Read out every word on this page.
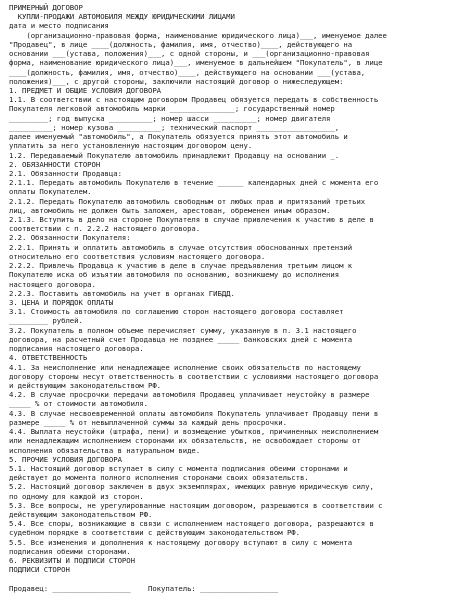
ПРИМЕРНЫЙ ДОГОВОР
КУПЛИ-ПРОДАЖИ АВТОМОБИЛЯ МЕЖДУ ЮРИДИЧЕСКИМИ ЛИЦАМИ
дата и место подписания
(организационно-правовая форма, наименование юридического лица)___, именуемое далее
"Продавец", в лице ____(должность, фамилия, имя, отчество)____, действующего на
основании ___(устава, положения)___, с одной стороны, и ___(организационно-правовая
форма, наименование юридического лица)___, именуемое в дальнейшем "Покупатель", в лице
____(должность, фамилия, имя, отчество)____, действующего на основании ___(устава,
положения)___, с другой стороны, заключили настоящий договор о нижеследующем:
1. ПРЕДМЕТ И ОБЩИЕ УСЛОВИЯ ДОГОВОРА
1.1. В соответствии с настоящим договором Продавец обязуется передать в собственность
Покупателя легковой автомобиль марки _______________; государственный номер
_________; год выпуска __________; номер шасси __________; номер двигателя
__________; номер кузова __________; технический паспорт __________________,
далее именуемый "автомобиль", а Покупатель обязуется принять этот автомобиль и
уплатить за него установленную настоящим договором цену.
1.2. Передаваемый Покупателю автомобиль принадлежит Продавцу на основании _.
2. ОБЯЗАННОСТИ СТОРОН
2.1. Обязанности Продавца:
2.1.1. Передать автомобиль Покупателю в течение ______ календарных дней с момента его
оплаты Покупателем.
2.1.2. Передать Покупателю автомобиль свободным от любых прав и притязаний третьих
лиц, автомобиль не должен быть заложен, арестован, обременен иным образом.
2.1.3. Вступить в дело на стороне Покупателя в случае привлечения к участию в деле в
соответствии с п. 2.2.2 настоящего договора.
2.2. Обязанности Покупателя:
2.2.1. Принять и оплатить автомобиль в случае отсутствия обоснованных претензий
относительно его соответствия условиям настоящего договора.
2.2.2. Привлечь Продавца к участию в деле в случае предъявления третьим лицом к
Покупателю иска об изъятии автомобиля по основанию, возникшему до исполнения
настоящего договора.
2.2.3. Поставить автомобиль на учет в органах ГИБДД.
3. ЦЕНА И ПОРЯДОК ОПЛАТЫ
3.1. Стоимость автомобиля по соглашению сторон настоящего договора составляет
_________ рублей.
3.2. Покупатель в полном объеме перечисляет сумму, указанную в п. 3.1 настоящего
договора, на расчетный счет Продавца не позднее _____ банковских дней с момента
подписания настоящего договора.
4. ОТВЕТСТВЕННОСТЬ
4.1. За неисполнение или ненадлежащее исполнение своих обязательств по настоящему
договору стороны несут ответственность в соответствии с условиями настоящего договора
и действующим законодательством РФ.
4.2. В случае просрочки передачи автомобиля Продавец уплачивает неустойку в размере
_____ % от стоимости автомобиля.
4.3. В случае несвоевременной оплаты автомобиля Покупатель уплачивает Продавцу пени в
размере _____ % от невыплаченной суммы за каждый день просрочки.
4.4. Выплата неустойки (штрафа, пени) и возмещение убытков, причиненных неисполнением
или ненадлежащим исполнением сторонами их обязательств, не освобождает стороны от
исполнения обязательства в натуральном виде.
5. ПРОЧИЕ УСЛОВИЯ ДОГОВОРА
5.1. Настоящий договор вступает в силу с момента подписания обеими сторонами и
действует до момента полного исполнения сторонами своих обязательств.
5.2. Настоящий договор заключен в двух экземплярах, имеющих равную юридическую силу,
по одному для каждой из сторон.
5.3. Все вопросы, не урегулированные настоящим договором, разрешаются в соответствии с
действующим законодательством РФ.
5.4. Все споры, возникающие в связи с исполнением настоящего договора, разрешаются в
судебном порядке в соответствии с действующим законодательством РФ.
5.5. Все изменения и дополнения к настоящему договору вступают в силу с момента
подписания обеими сторонами.
6. РЕКВИЗИТЫ И ПОДПИСИ СТОРОН
ПОДПИСИ СТОРОН
Продавец: __________________    Покупатель: __________________
